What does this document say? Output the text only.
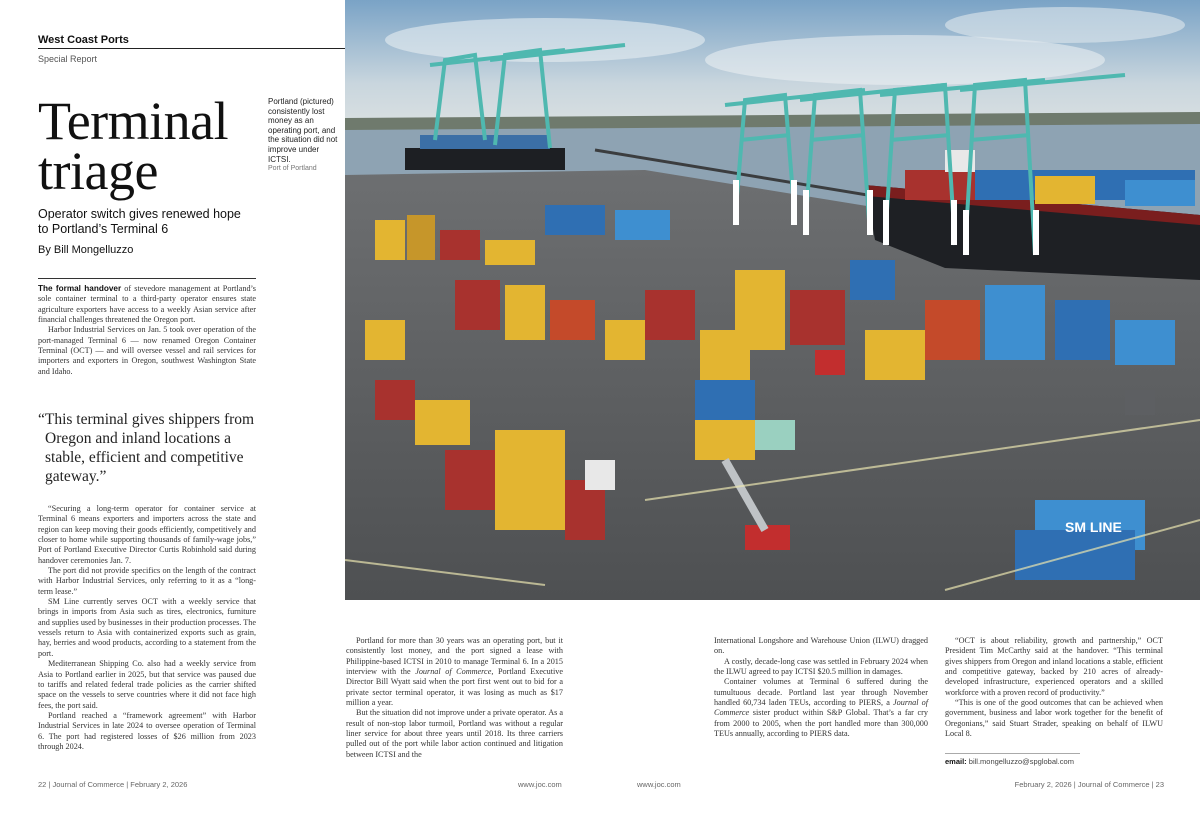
West Coast Ports
Special Report
SM LINE
Terminal
triage
Operator switch gives renewed hope to Portland’s Terminal 6
By Bill Mongelluzzo
Portland (pictured) consistently lost money as an operating port, and the situation did not improve under ICTSI.
Port of Portland

The formal handover of stevedore management at Portland’s sole container terminal to a third-party operator ensures state agriculture exporters have access to a weekly Asian service after financial challenges threatened the Oregon port.

Harbor Industrial Services on Jan. 5 took over operation of the port-managed Terminal 6 — now renamed Oregon Container Terminal (OCT) — and will oversee vessel and rail services for importers and exporters in Oregon, southwest Washington State and Idaho.

“This terminal gives shippers from Oregon and inland locations a stable, efficient and competitive gateway.”

“Securing a long-term operator for container service at Terminal 6 means exporters and importers across the state and region can keep moving their goods efficiently, competitively and closer to home while supporting thousands of family-wage jobs,” Port of Portland Executive Director Curtis Robinhold said during handover ceremonies Jan. 7.

The port did not provide specifics on the length of the contract with Harbor Industrial Services, only referring to it as a “long-term lease.”

SM Line currently serves OCT with a weekly service that brings in imports from Asia such as tires, electronics, furniture and supplies used by businesses in their production processes. The vessels return to Asia with containerized exports such as grain, hay, berries and wood products, according to a statement from the port.

Mediterranean Shipping Co. also had a weekly service from Asia to Portland earlier in 2025, but that service was paused due to tariffs and related federal trade policies as the carrier shifted space on the vessels to serve countries where it did not face high fees, the port said.

Portland reached a “framework agreement” with Harbor Industrial Services in late 2024 to oversee operation of Terminal 6. The port had registered losses of $26 million from 2023 through 2024.

Portland for more than 30 years was an operating port, but it consistently lost money, and the port signed a lease with Philippine-based ICTSI in 2010 to manage Terminal 6. In a 2015 interview with the Journal of Commerce, Portland Executive Director Bill Wyatt said when the port first went out to bid for a private sector terminal operator, it was losing as much as $17 million a year.

But the situation did not improve under a private operator. As a result of non-stop labor turmoil, Portland was without a regular liner service for about three years until 2018. Its three carriers pulled out of the port while labor action continued and litigation between ICTSI and the

International Longshore and Warehouse Union (ILWU) dragged on.

A costly, decade-long case was settled in February 2024 when the ILWU agreed to pay ICTSI $20.5 million in damages.

Container volumes at Terminal 6 suffered during the tumultuous decade. Portland last year through November handled 60,734 laden TEUs, according to PIERS, a Journal of Commerce sister product within S&P Global. That’s a far cry from 2000 to 2005, when the port handled more than 300,000 TEUs annually, according to PIERS data.

“OCT is about reliability, growth and partnership,” OCT President Tim McCarthy said at the handover. “This terminal gives shippers from Oregon and inland locations a stable, efficient and competitive gateway, backed by 210 acres of already-developed infrastructure, experienced operators and a skilled workforce with a proven record of productivity.”

“This is one of the good outcomes that can be achieved when government, business and labor work together for the benefit of Oregonians,” said Stuart Strader, speaking on behalf of ILWU Local 8.

email: bill.mongelluzzo@spglobal.com
22 | Journal of Commerce | February 2, 2026	www.joc.com	www.joc.com	February 2, 2026 | Journal of Commerce | 23
